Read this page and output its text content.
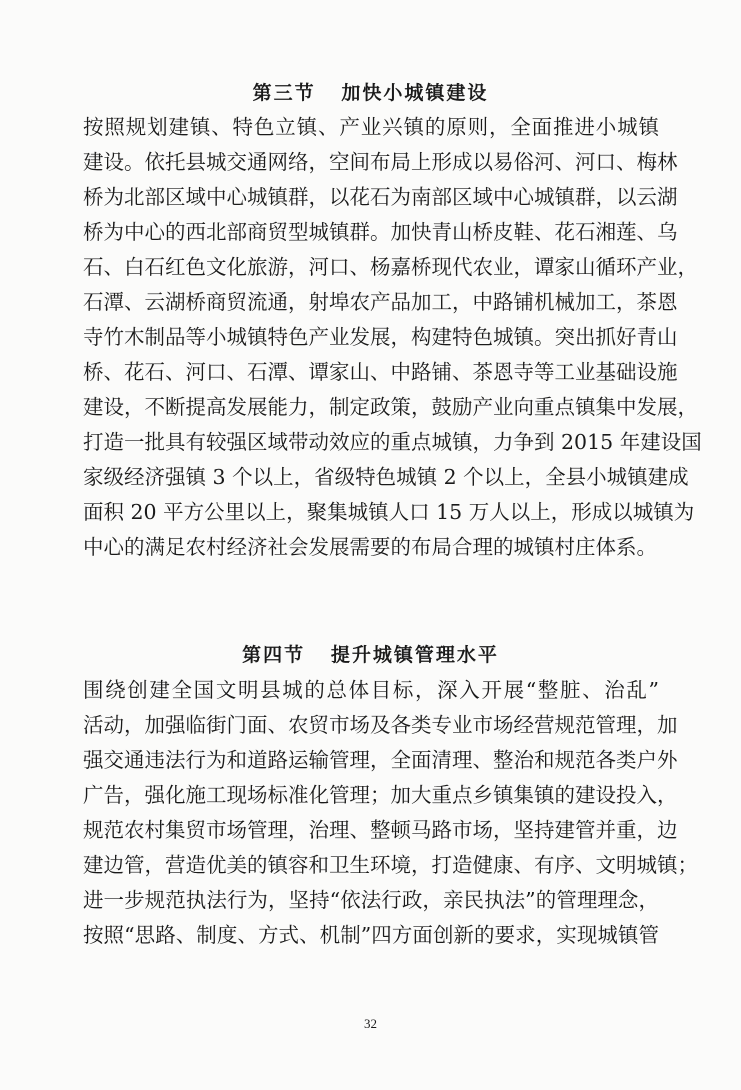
第三节   加快小城镇建设
按照规划建镇、特色立镇、产业兴镇的原则，全面推进小城镇
建设。依托县城交通网络，空间布局上形成以易俗河、河口、梅林
桥为北部区域中心城镇群，以花石为南部区域中心城镇群，以云湖
桥为中心的西北部商贸型城镇群。加快青山桥皮鞋、花石湘莲、乌
石、白石红色文化旅游，河口、杨嘉桥现代农业，谭家山循环产业，
石潭、云湖桥商贸流通，射埠农产品加工，中路铺机械加工，茶恩
寺竹木制品等小城镇特色产业发展，构建特色城镇。突出抓好青山
桥、花石、河口、石潭、谭家山、中路铺、茶恩寺等工业基础设施
建设，不断提高发展能力，制定政策，鼓励产业向重点镇集中发展，
打造一批具有较强区域带动效应的重点城镇，力争到 2015 年建设国
家级经济强镇 3 个以上，省级特色城镇 2 个以上，全县小城镇建成
面积 20 平方公里以上，聚集城镇人口 15 万人以上，形成以城镇为
中心的满足农村经济社会发展需要的布局合理的城镇村庄体系。
第四节   提升城镇管理水平
围绕创建全国文明县城的总体目标，深入开展“整脏、治乱”
活动，加强临街门面、农贸市场及各类专业市场经营规范管理，加
强交通违法行为和道路运输管理，全面清理、整治和规范各类户外
广告，强化施工现场标准化管理；加大重点乡镇集镇的建设投入，
规范农村集贸市场管理，治理、整顿马路市场，坚持建管并重，边
建边管，营造优美的镇容和卫生环境，打造健康、有序、文明城镇；
进一步规范执法行为，坚持“依法行政，亲民执法”的管理理念，
按照“思路、制度、方式、机制”四方面创新的要求，实现城镇管
32
